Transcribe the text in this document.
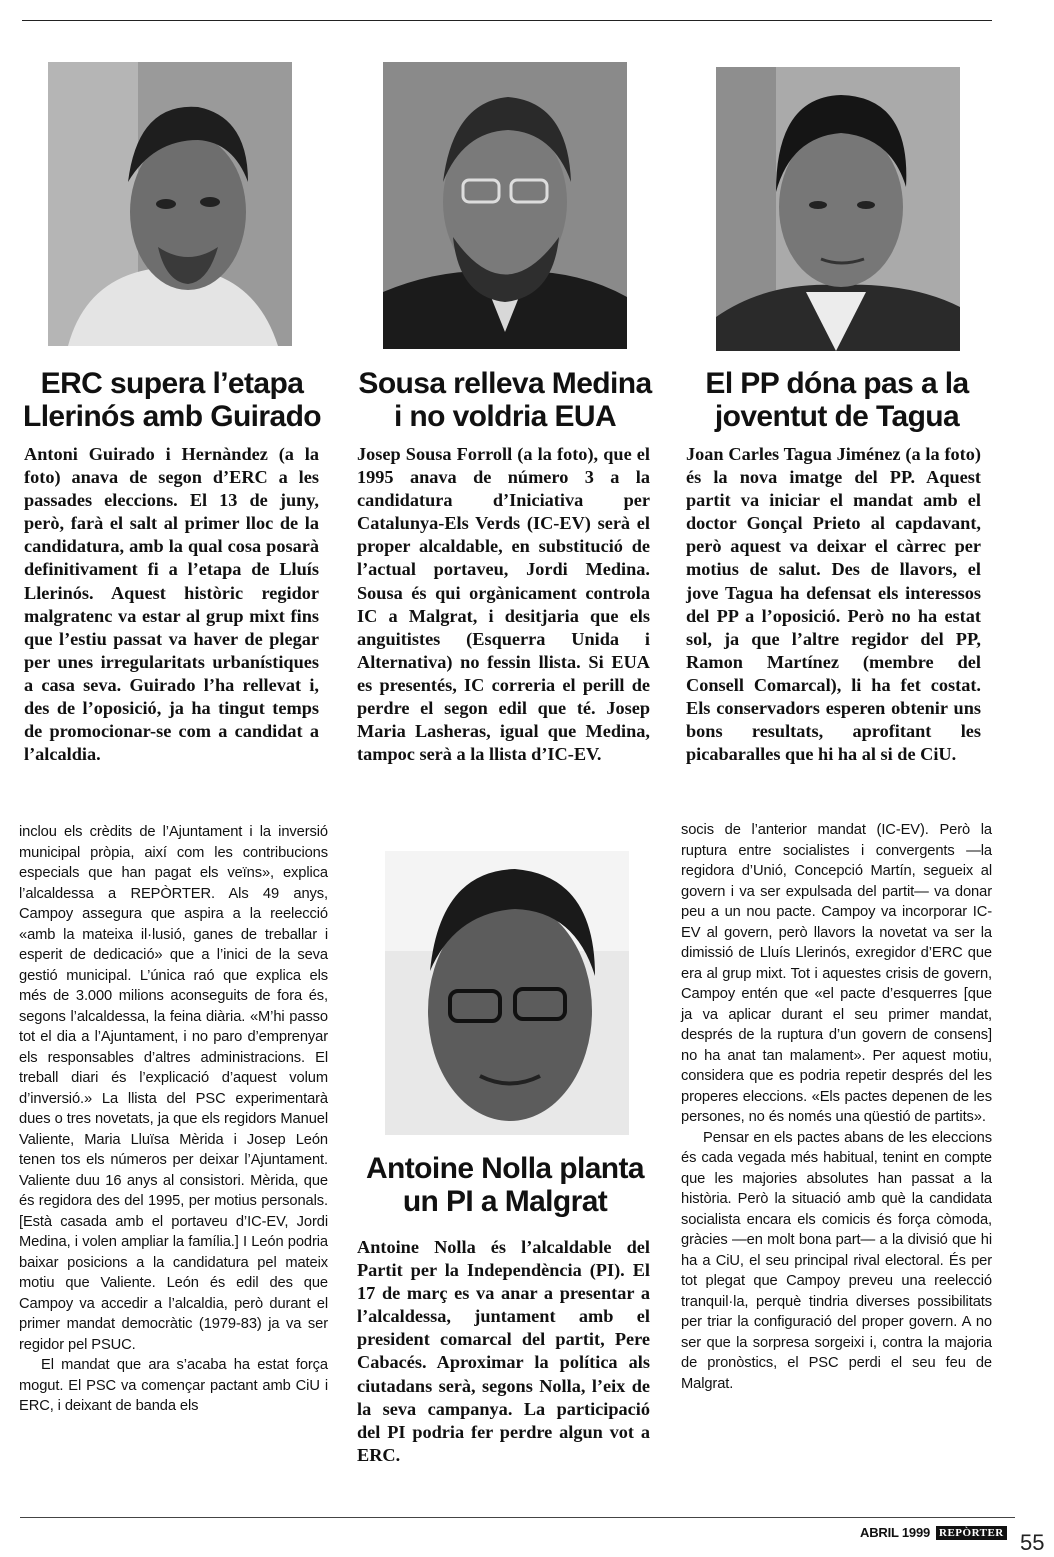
ERC supera l’etapa Llerinós amb Guirado

Antoni Guirado i Hernàndez (a la foto) anava de segon d’ERC a les passades eleccions. El 13 de juny, però, farà el salt al primer lloc de la candidatura, amb la qual cosa posarà definitivament fi a l’etapa de Lluís Llerinós. Aquest històric regidor malgratenc va estar al grup mixt fins que l’estiu passat va haver de plegar per unes irregularitats urbanístiques a casa seva. Guirado l’ha rellevat i, des de l’oposició, ja ha tingut temps de promocionar-se com a candidat a l’alcaldia.

Sousa relleva Medina i no voldria EUA

Josep Sousa Forroll (a la foto), que el 1995 anava de número 3 a la candidatura d’Iniciativa per Catalunya-Els Verds (IC-EV) serà el proper alcaldable, en substitució de l’actual portaveu, Jordi Medina. Sousa és qui orgànicament controla IC a Malgrat, i desitjaria que els anguitistes (Esquerra Unida i Alternativa) no fessin llista. Si EUA es presentés, IC correria el perill de perdre el segon edil que té. Josep Maria Lasheras, igual que Medina, tampoc serà a la llista d’IC-EV.

El PP dóna pas a la joventut de Tagua

Joan Carles Tagua Jiménez (a la foto) és la nova imatge del PP. Aquest partit va iniciar el mandat amb el doctor Gonçal Prieto al capdavant, però aquest va deixar el càrrec per motius de salut. Des de llavors, el jove Tagua ha defensat els interessos del PP a l’oposició. Però no ha estat sol, ja que l’altre regidor del PP, Ramon Martínez (membre del Consell Comarcal), li ha fet costat. Els conservadors esperen obtenir uns bons resultats, aprofitant les picabaralles que hi ha al si de CiU.

inclou els crèdits de l’Ajuntament i la inversió municipal pròpia, així com les contribucions especials que han pagat els veïns», explica l’alcaldessa a REPÒRTER. Als 49 anys, Campoy assegura que aspira a la reelecció «amb la mateixa il·lusió, ganes de treballar i esperit de dedicació» que a l’inici de la seva gestió municipal. L’única raó que explica els més de 3.000 milions aconseguits de fora és, segons l’alcaldessa, la feina diària. «M’hi passo tot el dia a l’Ajuntament, i no paro d’emprenyar els responsables d’altres administracions. El treball diari és l’explicació d’aquest volum d’inversió.» La llista del PSC experimentarà dues o tres novetats, ja que els regidors Manuel Valiente, Maria Lluïsa Mèrida i Josep León tenen tos els números per deixar l’Ajuntament. Valiente duu 16 anys al consistori. Mèrida, que és regidora des del 1995, per motius personals. [Està casada amb el portaveu d’IC-EV, Jordi Medina, i volen ampliar la família.] I León podria baixar posicions a la candidatura pel mateix motiu que Valiente. León és edil des que Campoy va accedir a l’alcaldia, però durant el primer mandat democràtic (1979-83) ja va ser regidor pel PSUC.

El mandat que ara s’acaba ha estat força mogut. El PSC va començar pactant amb CiU i ERC, i deixant de banda els

Antoine Nolla planta un PI a Malgrat

Antoine Nolla és l’alcaldable del Partit per la Independència (PI). El 17 de març es va anar a presentar a l’alcaldessa, juntament amb el president comarcal del partit, Pere Cabacés. Aproximar la política als ciutadans serà, segons Nolla, l’eix de la seva campanya. La participació del PI podria fer perdre algun vot a ERC.

socis de l’anterior mandat (IC-EV). Però la ruptura entre socialistes i convergents —la regidora d’Unió, Concepció Martín, segueix al govern i va ser expulsada del partit— va donar peu a un nou pacte. Campoy va incorporar IC-EV al govern, però llavors la novetat va ser la dimissió de Lluís Llerinós, exregidor d’ERC que era al grup mixt. Tot i aquestes crisis de govern, Campoy entén que «el pacte d’esquerres [que ja va aplicar durant el seu primer mandat, després de la ruptura d’un govern de consens] no ha anat tan malament». Per aquest motiu, considera que es podria repetir després del les properes eleccions. «Els pactes depenen de les persones, no és només una qüestió de partits».

Pensar en els pactes abans de les eleccions és cada vegada més habitual, tenint en compte que les majories absolutes han passat a la història. Però la situació amb què la candidata socialista encara els comicis és força còmoda, gràcies —en molt bona part— a la divisió que hi ha a CiU, el seu principal rival electoral. És per tot plegat que Campoy preveu una reelecció tranquil·la, perquè tindria diverses possibilitats per triar la configuració del proper govern. A no ser que la sorpresa sorgeixi i, contra la majoria de pronòstics, el PSC perdi el seu feu de Malgrat.

ABRIL 1999 REPÒRTER 55
